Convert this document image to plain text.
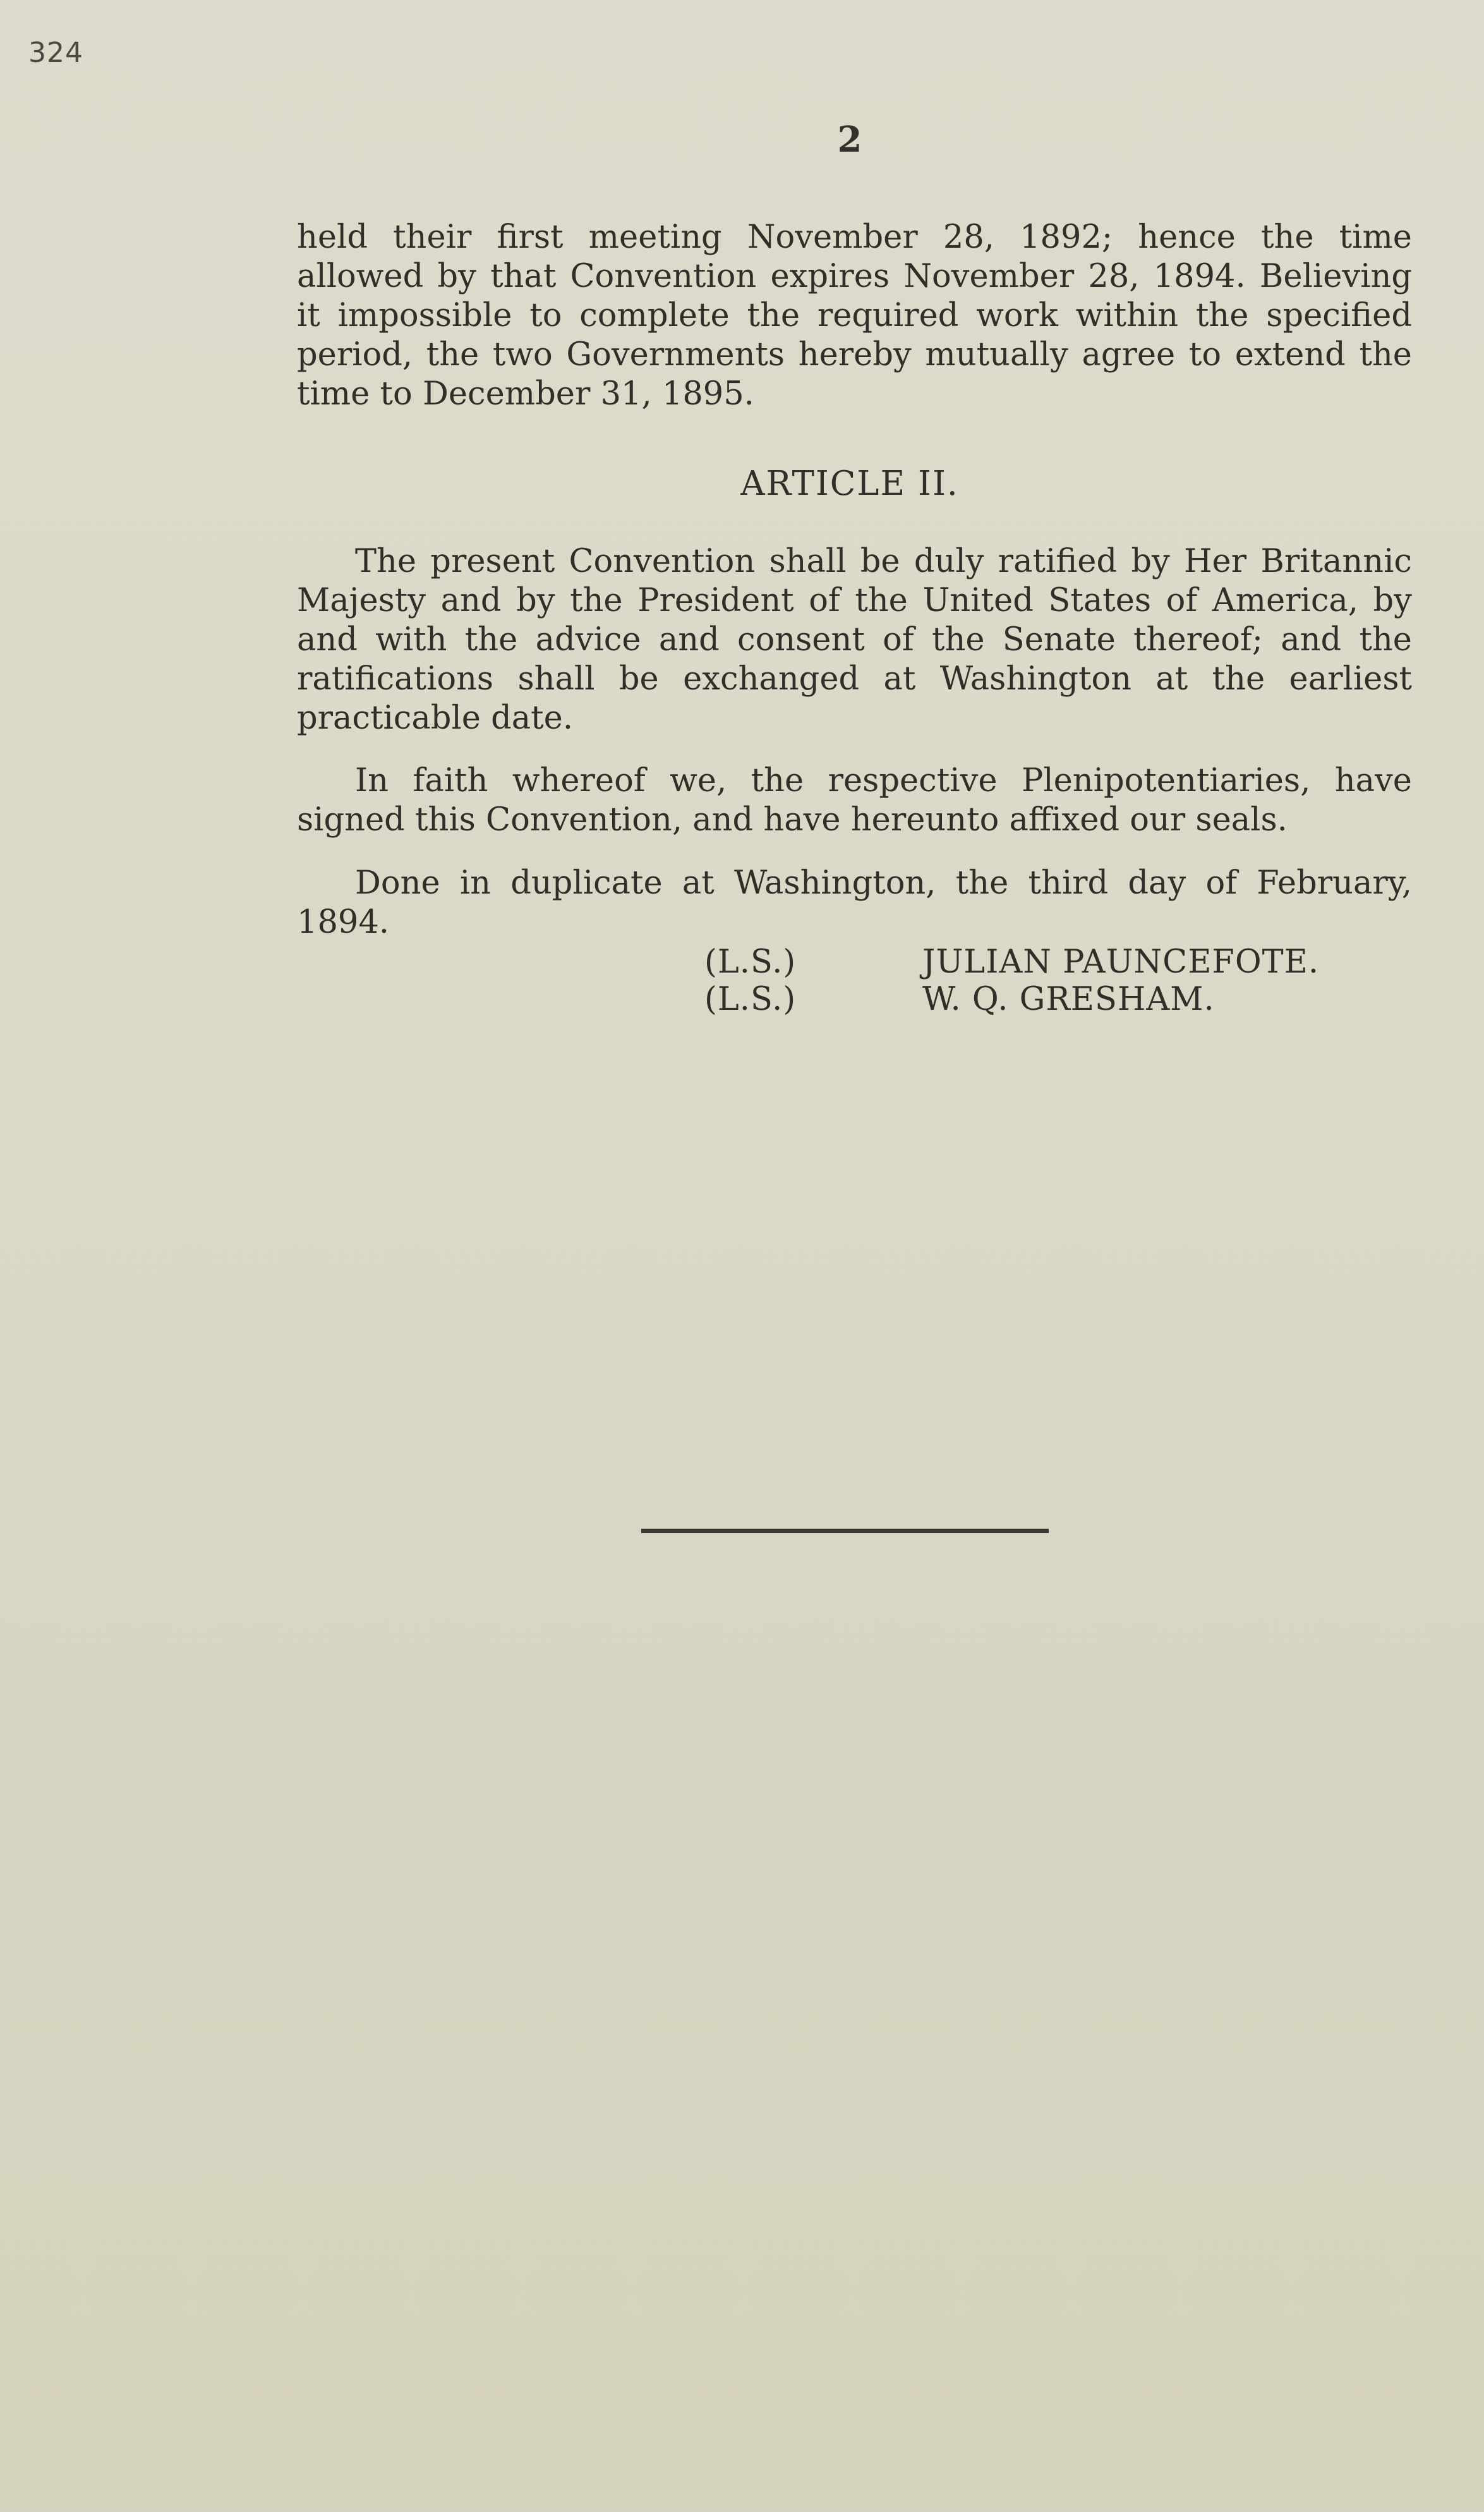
324
2

held their first meeting November 28, 1892; hence the time allowed by that Convention expires November 28, 1894. Believing it impossible to complete the required work within the specified period, the two Governments hereby mutually agree to extend the time to December 31, 1895.

ARTICLE II.

The present Convention shall be duly ratified by Her Britannic Majesty and by the President of the United States of America, by and with the advice and consent of the Senate thereof; and the ratifications shall be exchanged at Washington at the earliest practicable date.

In faith whereof we, the respective Plenipotentiaries, have signed this Convention, and have hereunto affixed our seals.

Done in duplicate at Washington, the third day of February, 1894.

(L.S.)	JULIAN PAUNCEFOTE.
(L.S.)	W. Q. GRESHAM.
